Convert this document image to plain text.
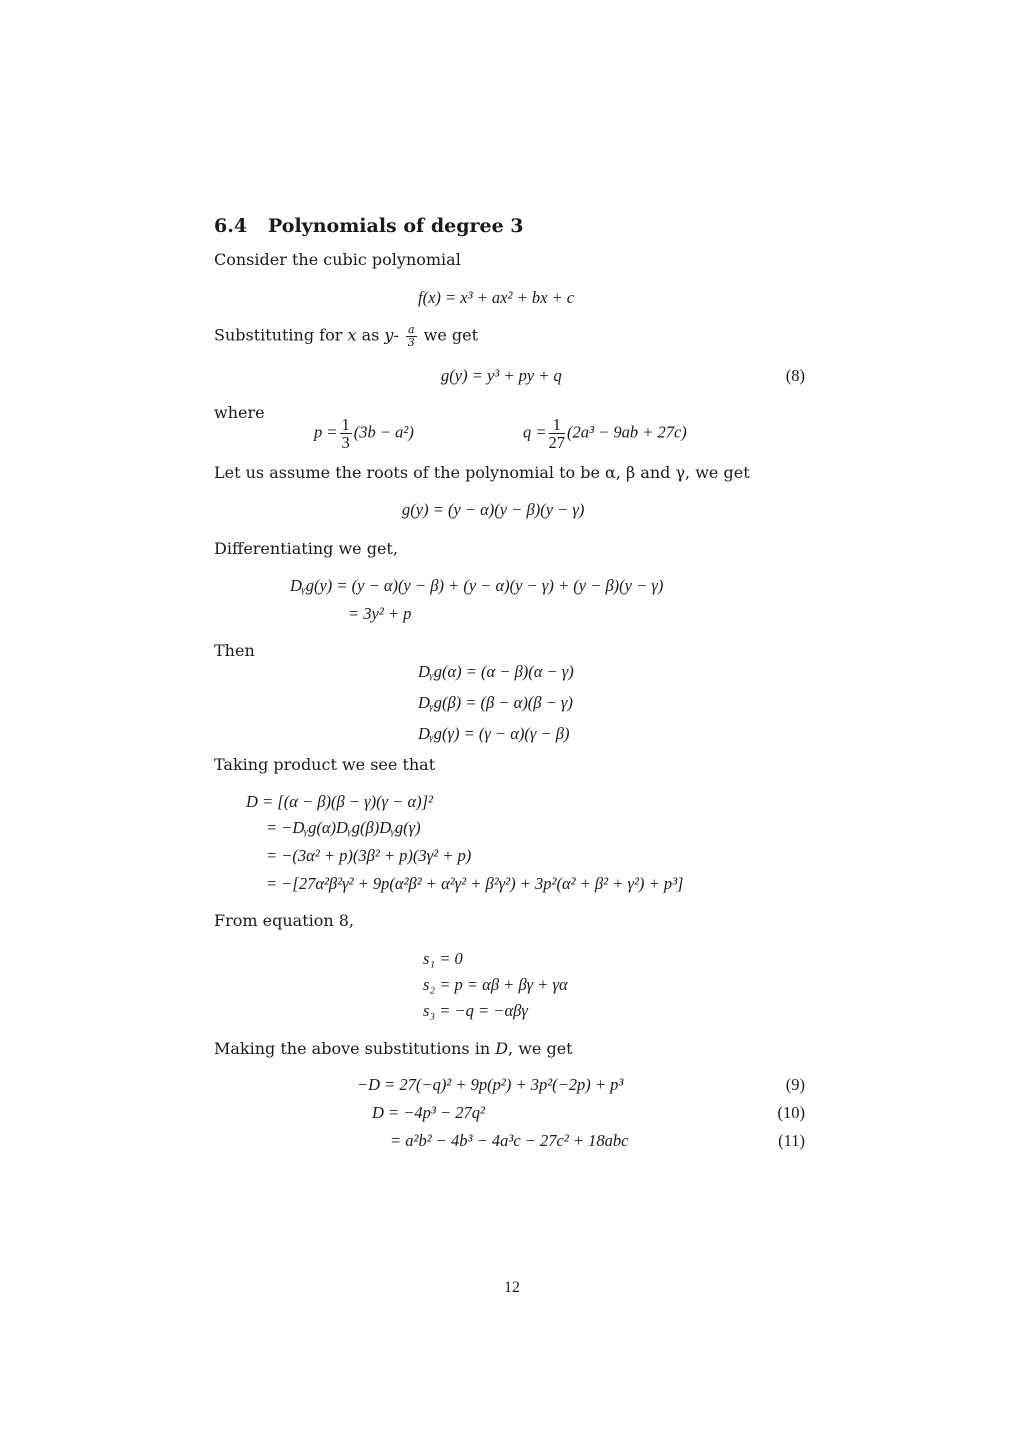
6.4 Polynomials of degree 3
Consider the cubic polynomial
f(x) = x³ + ax² + bx + c
Substituting for x as $y- \frac{a}{3}$ we get
g(y) = y³ + py + q	(8)
where
$p = \frac{1}{3} (3b - a^2)$	$q = \frac{1}{27} (2a^3 - 9ab + 27c)$
Let us assume the roots of the polynomial to be α, β and γ, we get
g(y) = (y − α)(y − β)(y − γ)
Differentiating we get,
Dᵧg(y) = (y − α)(y − β) + (y − α)(y − γ) + (y − β)(y − γ)
= 3y² + p
Then
Dᵧg(α) = (α − β)(α − γ)
Dᵧg(β) = (β − α)(β − γ)
Dᵧg(γ) = (γ − α)(γ − β)
Taking product we see that
D = [(α − β)(β − γ)(γ − α)]²
= −Dᵧg(α)Dᵧg(β)Dᵧg(γ)
= −(3α² + p)(3β² + p)(3γ² + p)
= −[27α²β²γ² + 9p(α²β² + α²γ² + β²γ²) + 3p²(α² + β² + γ²) + p³]
From equation 8,
s₁ = 0
s₂ = p = αβ + βγ + γα
s₃ = −q = −αβγ
Making the above substitutions in D, we get
−D = 27(−q)² + 9p(p²) + 3p²(−2p) + p³	(9)
D = −4p³ − 27q²	(10)
= a²b² − 4b³ − 4a³c − 27c² + 18abc	(11)
12
